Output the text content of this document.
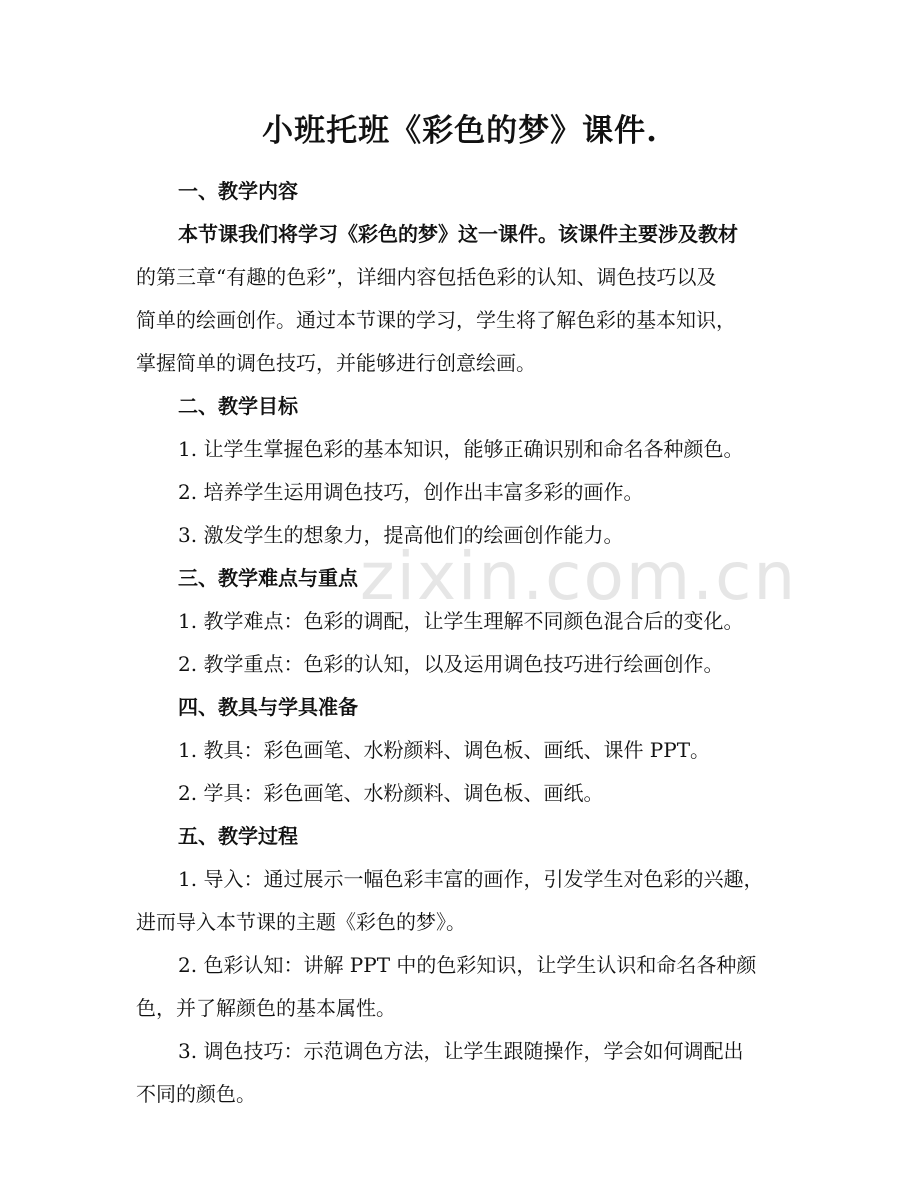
zixin.com.cn
小班托班《彩色的梦》课件.

一、教学内容

本节课我们将学习《彩色的梦》这一课件。该课件主要涉及教材

的第三章“有趣的色彩”，详细内容包括色彩的认知、调色技巧以及

简单的绘画创作。通过本节课的学习，学生将了解色彩的基本知识，

掌握简单的调色技巧，并能够进行创意绘画。

二、教学目标

1. 让学生掌握色彩的基本知识，能够正确识别和命名各种颜色。

2. 培养学生运用调色技巧，创作出丰富多彩的画作。

3. 激发学生的想象力，提高他们的绘画创作能力。

三、教学难点与重点

1. 教学难点：色彩的调配，让学生理解不同颜色混合后的变化。

2. 教学重点：色彩的认知，以及运用调色技巧进行绘画创作。

四、教具与学具准备

1. 教具：彩色画笔、水粉颜料、调色板、画纸、课件 PPT。

2. 学具：彩色画笔、水粉颜料、调色板、画纸。

五、教学过程

1. 导入：通过展示一幅色彩丰富的画作，引发学生对色彩的兴趣，

进而导入本节课的主题《彩色的梦》。

2. 色彩认知：讲解 PPT 中的色彩知识，让学生认识和命名各种颜

色，并了解颜色的基本属性。

3. 调色技巧：示范调色方法，让学生跟随操作，学会如何调配出

不同的颜色。
